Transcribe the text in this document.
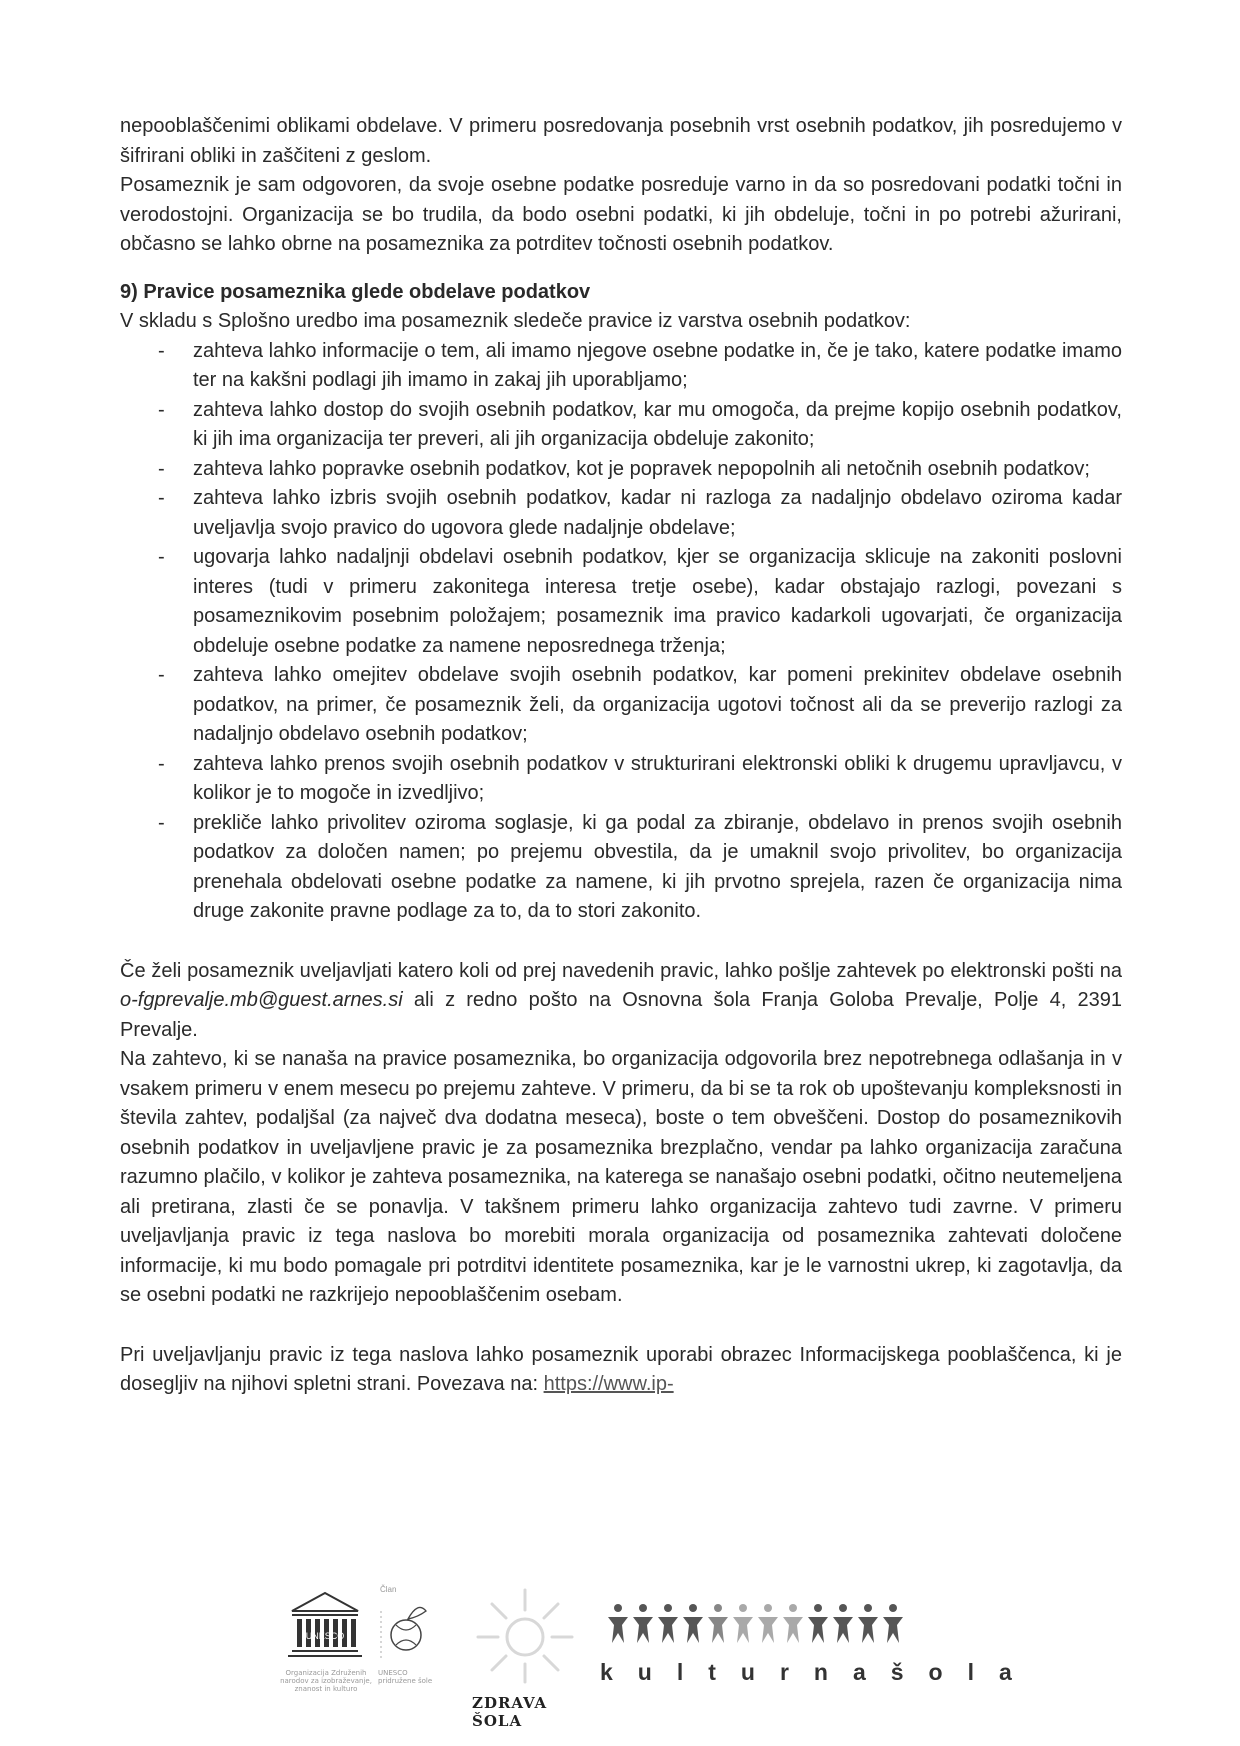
nepooblaščenimi oblikami obdelave. V primeru posredovanja posebnih vrst osebnih podatkov, jih posredujemo v šifrirani obliki in zaščiteni z geslom.
Posameznik je sam odgovoren, da svoje osebne podatke posreduje varno in da so posredovani podatki točni in verodostojni. Organizacija se bo trudila, da bodo osebni podatki, ki jih obdeluje, točni in po potrebi ažurirani, občasno se lahko obrne na posameznika za potrditev točnosti osebnih podatkov.
9) Pravice posameznika glede obdelave podatkov
V skladu s Splošno uredbo ima posameznik sledeče pravice iz varstva osebnih podatkov:
- zahteva lahko informacije o tem, ali imamo njegove osebne podatke in, če je tako, katere podatke imamo ter na kakšni podlagi jih imamo in zakaj jih uporabljamo;
- zahteva lahko dostop do svojih osebnih podatkov, kar mu omogoča, da prejme kopijo osebnih podatkov, ki jih ima organizacija ter preveri, ali jih organizacija obdeluje zakonito;
- zahteva lahko popravke osebnih podatkov, kot je popravek nepopolnih ali netočnih osebnih podatkov;
- zahteva lahko izbris svojih osebnih podatkov, kadar ni razloga za nadaljnjo obdelavo oziroma kadar uveljavlja svojo pravico do ugovora glede nadaljnje obdelave;
- ugovarja lahko nadaljnji obdelavi osebnih podatkov, kjer se organizacija sklicuje na zakoniti poslovni interes (tudi v primeru zakonitega interesa tretje osebe), kadar obstajajo razlogi, povezani s posameznikovim posebnim položajem; posameznik ima pravico kadarkoli ugovarjati, če organizacija obdeluje osebne podatke za namene neposrednega trženja;
- zahteva lahko omejitev obdelave svojih osebnih podatkov, kar pomeni prekinitev obdelave osebnih podatkov, na primer, če posameznik želi, da organizacija ugotovi točnost ali da se preverijo razlogi za nadaljnjo obdelavo osebnih podatkov;
- zahteva lahko prenos svojih osebnih podatkov v strukturirani elektronski obliki k drugemu upravljavcu, v kolikor je to mogoče in izvedljivo;
- prekliče lahko privolitev oziroma soglasje, ki ga podal za zbiranje, obdelavo in prenos svojih osebnih podatkov za določen namen; po prejemu obvestila, da je umaknil svojo privolitev, bo organizacija prenehala obdelovati osebne podatke za namene, ki jih prvotno sprejela, razen če organizacija nima druge zakonite pravne podlage za to, da to stori zakonito.
Če želi posameznik uveljavljati katero koli od prej navedenih pravic, lahko pošlje zahtevek po elektronski pošti na o-fgprevalje.mb@guest.arnes.si ali z redno pošto na Osnovna šola Franja Goloba Prevalje, Polje 4, 2391 Prevalje.
Na zahtevo, ki se nanaša na pravice posameznika, bo organizacija odgovorila brez nepotrebnega odlašanja in v vsakem primeru v enem mesecu po prejemu zahteve. V primeru, da bi se ta rok ob upoštevanju kompleksnosti in števila zahtev, podaljšal (za največ dva dodatna meseca), boste o tem obveščeni. Dostop do posameznikovih osebnih podatkov in uveljavljene pravic je za posameznika brezplačno, vendar pa lahko organizacija zaračuna razumno plačilo, v kolikor je zahteva posameznika, na katerega se nanašajo osebni podatki, očitno neutemeljena ali pretirana, zlasti če se ponavlja. V takšnem primeru lahko organizacija zahtevo tudi zavrne. V primeru uveljavljanja pravic iz tega naslova bo morebiti morala organizacija od posameznika zahtevati določene informacije, ki mu bodo pomagale pri potrditvi identitete posameznika, kar je le varnostni ukrep, ki zagotavlja, da se osebni podatki ne razkrijejo nepooblaščenim osebam.
Pri uveljavljanju pravic iz tega naslova lahko posameznik uporabi obrazec Informacijskega pooblaščenca, ki je dosegljiv na njihovi spletni strani. Povezava na: https://www.ip-
UNESCO
Organizacija Združenih narodov za izobraževanje, znanost in kulturo
Član
UNESCO pridružene šole
ZDRAVA ŠOLA
kulturnašola
